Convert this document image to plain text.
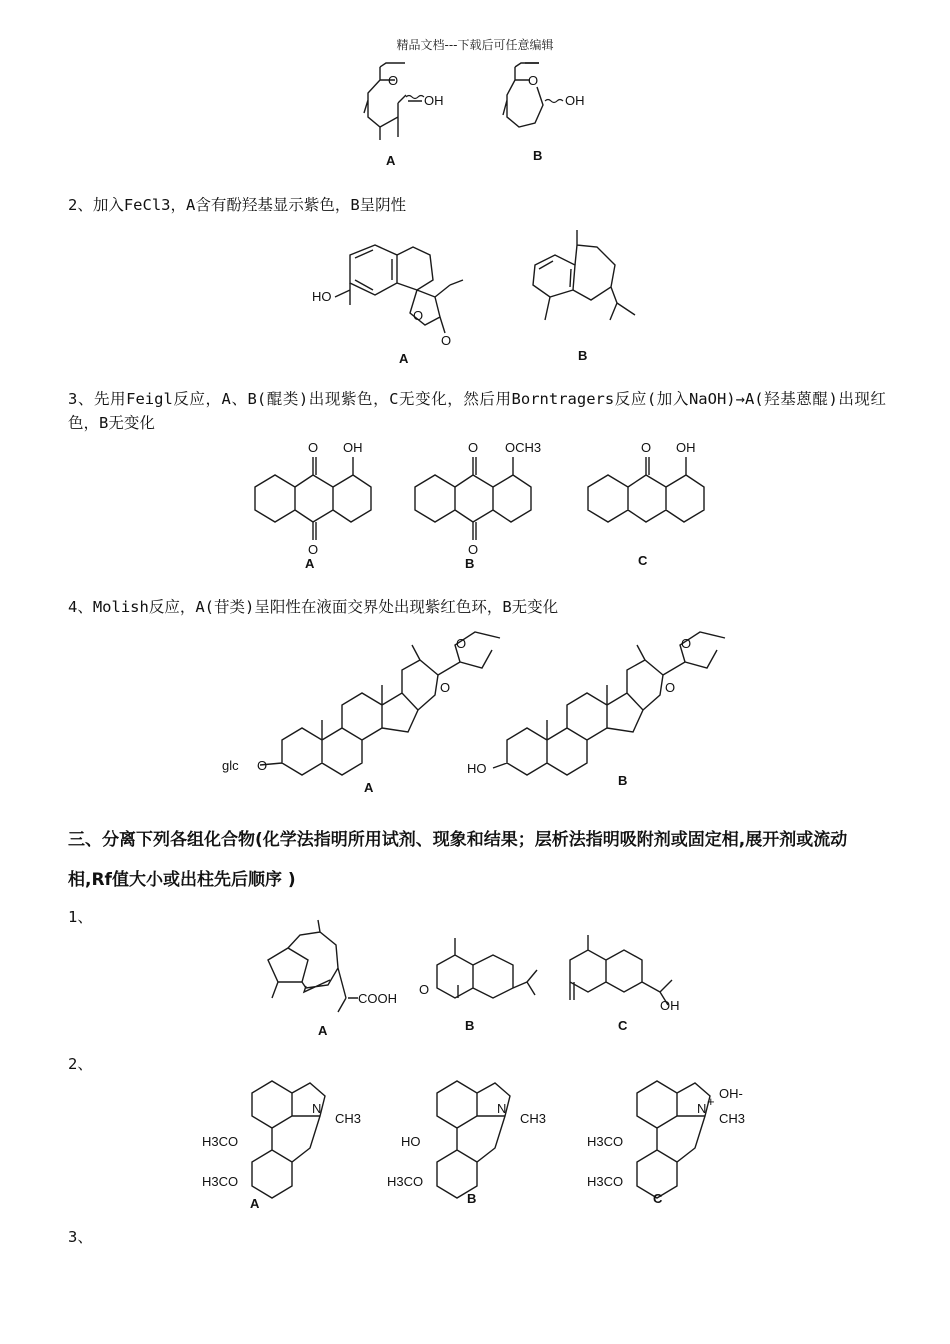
精品文档---下载后可任意编辑
O
OH
A
O
OH
B
2、加入FeCl3，A含有酚羟基显示紫色，B呈阴性
HO
O
O
A	B
3、先用Feigl反应，A、B(醌类)出现紫色，C无变化，然后用Borntragers反应(加入NaOH)→A(羟基蒽醌)出现红色，B无变化
O OH
O
A
O OCH3
O
B
O OH
C
4、Molish反应，A(苷类)呈阳性在液面交界处出现紫红色环，B无变化
glc O
O
O
A
HO
O
O
B
三、分离下列各组化合物(化学法指明所用试剂、现象和结果；层析法指明吸附剂或固定相,展开剂或流动相,Rf值大小或出柱先后顺序 )
1、
COOH
A
O
B
OH
C
2、
N
CH3
H3CO
H3CO
A
N
CH3
HO
H3CO
B
N +
OH-
CH3
H3CO
H3CO
C
3、
